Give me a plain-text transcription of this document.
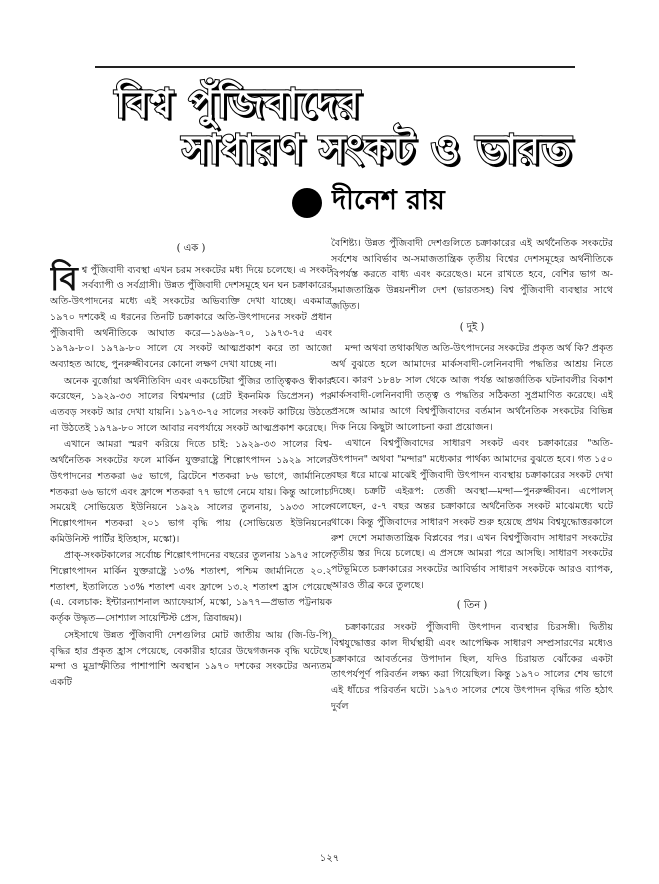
বিশ্ব পুঁজিবাদের
সাধারণ সংকট ও ভারত
দীনেশ রায়
( এক )

বিশ্ব পুঁজিবাদী ব্যবস্থা এখন চরম সংকটের মধ্য দিয়ে চলেছে। এ সংকট সর্বব্যাপী ও সর্বগ্রাসী। উন্নত পুঁজিবাদী দেশসমূহে ঘন ঘন চক্রাকারের অতি-উৎপাদনের মধ্যে এই সংকটের অভিব্যক্তি দেখা যাচ্ছে। একমাত্র ১৯৭০ দশকেই এ ধরনের তিনটি চক্রাকারে অতি-উৎপাদনের সংকট প্রধান পুঁজিবাদী অর্থনীতিকে আঘাত করে—১৯৬৯-৭০, ১৯৭৩-৭৫ এবং ১৯৭৯-৮০। ১৯৭৯-৮০ সালে যে সংকট আত্মপ্রকাশ করে তা আজো অব্যাহত আছে, পুনরুজ্জীবনের কোনো লক্ষণ দেখা যাচ্ছে না।

অনেক বুর্জোয়া অর্থনীতিবিদ এবং একচেটিয়া পুঁজির তাত্ত্বিকও স্বীকার করেছেন, ১৯২৯-৩৩ সালের বিশ্বমন্দার (গ্রেট ইকনমিক ডিপ্রেসন) পর এতবড় সংকট আর দেখা যায়নি। ১৯৭৩-৭৫ সালের সংকট কাটিয়ে উঠতে না উঠতেই ১৯৭৯-৮০ সালে আবার নবপর্যায়ে সংকট আত্মপ্রকাশ করেছে।

এখানে আমরা স্মরণ করিয়ে দিতে চাই: ১৯২৯-৩৩ সালের বিশ্ব-অর্থনৈতিক সংকটের ফলে মার্কিন যুক্তরাষ্ট্রে শিল্পোৎপাদন ১৯২৯ সালের উৎপাদনের শতকরা ৬৫ ভাগে, ব্রিটেনে শতকরা ৮৬ ভাগে, জার্মানিতে শতকরা ৬৬ ভাগে এবং ফ্রান্সে শতকরা ৭৭ ভাগে নেমে যায়। কিন্তু আলোচ্য সময়েই সোভিয়েত ইউনিয়নে ১৯২৯ সালের তুলনায়, ১৯৩৩ সালে শিল্পোৎপাদন শতকরা ২০১ ভাগ বৃদ্ধি পায় (সোভিয়েত ইউনিয়নের কমিউনিস্ট পার্টির ইতিহাস, মস্কো)।

প্রাক্-সংকটকালের সর্বোচ্চ শিল্পোৎপাদনের বছরের তুলনায় ১৯৭৫ সালে শিল্পোৎপাদন মার্কিন যুক্তরাষ্ট্রে ১৩% শতাংশ, পশ্চিম জার্মানিতে ২০.২ শতাংশ, ইতালিতে ১৩% শতাংশ এবং ফ্রান্সে ১৩.২ শতাংশ হ্রাস পেয়েছে (এ. বেলচাক: ইন্টারন্যাশনাল অ্যাফেয়ার্স, মস্কো, ১৯৭৭—প্রভাত পট্টনায়ক কর্তৃক উদ্ধৃত—সোশ্যাল সায়েন্টিস্ট প্রেস, ত্রিবান্দ্রম)।

সেইসাথে উন্নত পুঁজিবাদী দেশগুলির মোট জাতীয় আয় (জি-ডি-পি) বৃদ্ধির হার প্রকৃত হ্রাস পেয়েছে, বেকারীর হারের উদ্বেগজনক বৃদ্ধি ঘটেছে। মন্দা ও মুদ্রাস্ফীতির পাশাপাশি অবস্থান ১৯৭০ দশকের সংকটের অন্যতম একটি

বৈশিষ্ট্য। উন্নত পুঁজিবাদী দেশগুলিতে চক্রাকারের এই অর্থনৈতিক সংকটের সর্বশেষ আবির্ভাব অ-সমাজতান্ত্রিক তৃতীয় বিশ্বের দেশসমূহের অর্থনীতিকে বিপর্যস্ত করতে বাধ্য এবং করেছেও। মনে রাখতে হবে, বেশির ভাগ অ-সমাজতান্ত্রিক উন্নয়নশীল দেশ (ভারতসহ) বিশ্ব পুঁজিবাদী ব্যবস্থার সাথে জড়িত।

( দুই )

মন্দা অথবা তথাকথিত অতি-উৎপাদনের সংকটের প্রকৃত অর্থ কি? প্রকৃত অর্থ বুঝতে হলে আমাদের মার্কসবাদী-লেনিনবাদী পদ্ধতির আশ্রয় নিতে হবে। কারণ ১৮৪৮ সাল থেকে আজ পর্যন্ত আন্তর্জাতিক ঘটনাবলীর বিকাশ মার্কসবাদী-লেনিনবাদী তত্ত্ব ও পদ্ধতির সঠিকতা সুপ্রমাণিত করেছে। এই প্রসঙ্গে আমার আগে বিশ্বপুঁজিবাদের বর্তমান অর্থনৈতিক সংকটের বিভিন্ন দিক নিয়ে কিছুটা আলোচনা করা প্রয়োজন।

এখানে বিশ্বপুঁজিবাদের সাধারণ সংকট এবং চক্রাকারের "অতি-উৎপাদন" অথবা "মন্দার" মধ্যেকার পার্থক্য আমাদের বুঝতে হবে। গত ১৫০ বছর ধরে মাঝে মাঝেই পুঁজিবাদী উৎপাদন ব্যবস্থায় চক্রাকারের সংকট দেখা দিচ্ছে। চক্রটি এইরূপ: তেজী অবস্থা—মন্দা—পুনরুজ্জীবন। এপোলস্ বলেছেন, ৫-৭ বছর অন্তর চক্রাকারে অর্থনৈতিক সংকট মাঝেমধ্যে ঘটে থাকে। কিন্তু পুঁজিবাদের সাধারণ সংকট শুরু হয়েছে প্রথম বিশ্বযুদ্ধোত্তরকালে রুশ দেশে সমাজতান্ত্রিক বিপ্লবের পর। এখন বিশ্বপুঁজিবাদ সাধারণ সংকটের তৃতীয় স্তর দিয়ে চলেছে। এ প্রসঙ্গে আমরা পরে আসছি। সাধারণ সংকটের পটভূমিতে চক্রাকারের সংকটের আবির্ভাব সাধারণ সংকটকে আরও ব্যাপক, আরও তীব্র করে তুলছে।

( তিন )

চক্রাকারের সংকট পুঁজিবাদী উৎপাদন ব্যবস্থার চিরসঙ্গী। দ্বিতীয় বিশ্বযুদ্ধোত্তর কাল দীর্ঘস্থায়ী এবং আপেক্ষিক সাধারণ সম্প্রসারণের মধ্যেও চক্রাকারে আবর্তনের উপাদান ছিল, যদিও চিরায়ত ঝোঁকের একটা তাৎপর্যপূর্ণ পরিবর্তন লক্ষ্য করা গিয়েছিল। কিন্তু ১৯৭০ সালের শেষ ভাগে এই ধাঁচের পরিবর্তন ঘটে। ১৯৭৩ সালের শেষে উৎপাদন বৃদ্ধির গতি হঠাৎ দুর্বল

১২৭
